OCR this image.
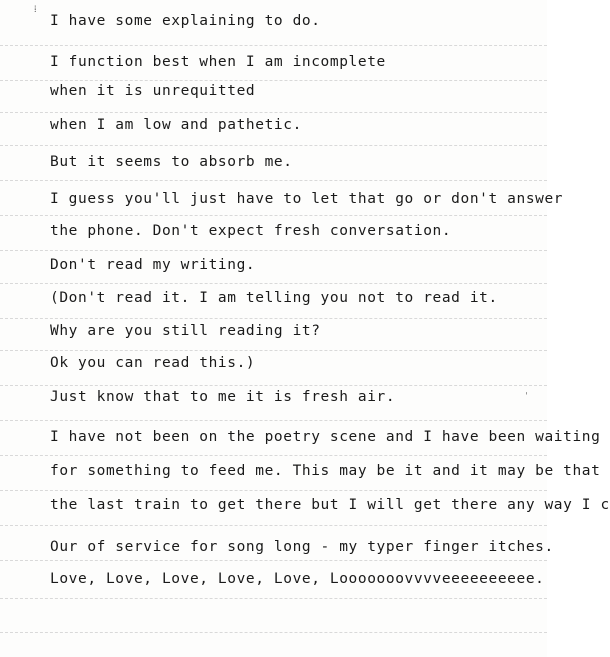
⁞
ˈ
I have some explaining to do.
I function best when I am incomplete
when it is unrequitted
when I am low and pathetic.
But it seems to absorb me.
I guess you'll just have to let that go or don't answer
the phone. Don't expect fresh conversation.
Don't read my writing.
(Don't read it. I am telling you not to read it.
Why are you still reading it?
Ok you can read this.)
Just know that to me it is fresh air.
I have not been on the poetry scene and I have been waiting
for something to feed me. This may be it and it may be that
the last train to get there but I will get there any way I c
Our of service for song long - my typer finger itches.
Love, Love, Love, Love, Love, Looooooovvvveeeeeeeeee.
